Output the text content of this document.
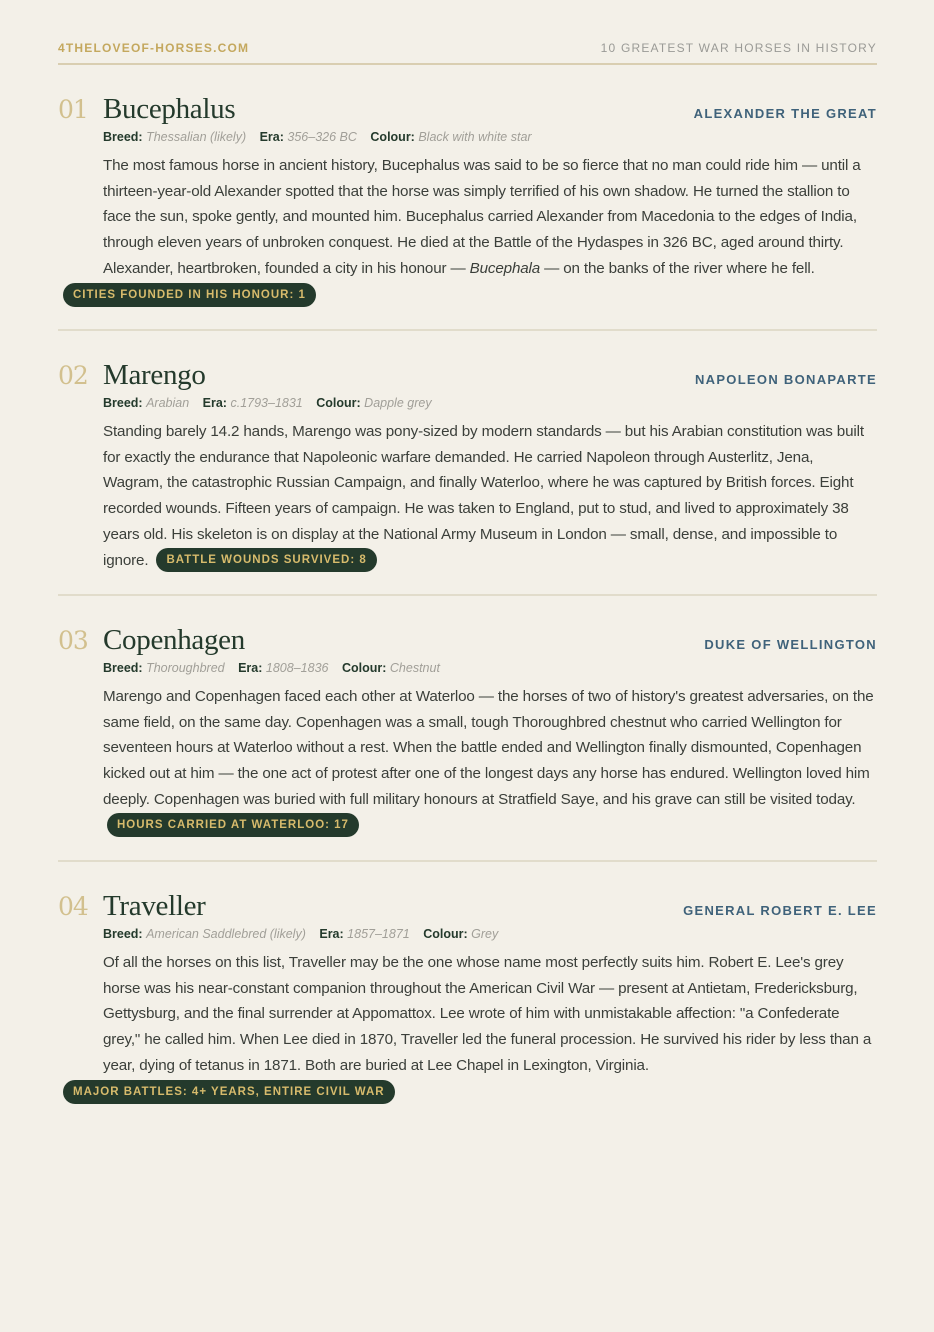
4THELOVEOF-HORSES.COM	10 GREATEST WAR HORSES IN HISTORY
01 Bucephalus	ALEXANDER THE GREAT
Breed: Thessalian (likely) Era: 356–326 BC Colour: Black with white star

The most famous horse in ancient history, Bucephalus was said to be so fierce that no man could ride him — until a thirteen-year-old Alexander spotted that the horse was simply terrified of his own shadow. He turned the stallion to face the sun, spoke gently, and mounted him. Bucephalus carried Alexander from Macedonia to the edges of India, through eleven years of unbroken conquest. He died at the Battle of the Hydaspes in 326 BC, aged around thirty. Alexander, heartbroken, founded a city in his honour — Bucephala — on the banks of the river where he fell.

CITIES FOUNDED IN HIS HONOUR: 1
02 Marengo	NAPOLEON BONAPARTE
Breed: Arabian Era: c.1793–1831 Colour: Dapple grey

Standing barely 14.2 hands, Marengo was pony-sized by modern standards — but his Arabian constitution was built for exactly the endurance that Napoleonic warfare demanded. He carried Napoleon through Austerlitz, Jena, Wagram, the catastrophic Russian Campaign, and finally Waterloo, where he was captured by British forces. Eight recorded wounds. Fifteen years of campaign. He was taken to England, put to stud, and lived to approximately 38 years old. His skeleton is on display at the National Army Museum in London — small, dense, and impossible to ignore. BATTLE WOUNDS SURVIVED: 8

03 Copenhagen	DUKE OF WELLINGTON
Breed: Thoroughbred Era: 1808–1836 Colour: Chestnut

Marengo and Copenhagen faced each other at Waterloo — the horses of two of history's greatest adversaries, on the same field, on the same day. Copenhagen was a small, tough Thoroughbred chestnut who carried Wellington for seventeen hours at Waterloo without a rest. When the battle ended and Wellington finally dismounted, Copenhagen kicked out at him — the one act of protest after one of the longest days any horse has endured. Wellington loved him deeply. Copenhagen was buried with full military honours at Stratfield Saye, and his grave can still be visited today. HOURS CARRIED AT WATERLOO: 17

04 Traveller	GENERAL ROBERT E. LEE
Breed: American Saddlebred (likely) Era: 1857–1871 Colour: Grey

Of all the horses on this list, Traveller may be the one whose name most perfectly suits him. Robert E. Lee's grey horse was his near-constant companion throughout the American Civil War — present at Antietam, Fredericksburg, Gettysburg, and the final surrender at Appomattox. Lee wrote of him with unmistakable affection: "a Confederate grey," he called him. When Lee died in 1870, Traveller led the funeral procession. He survived his rider by less than a year, dying of tetanus in 1871. Both are buried at Lee Chapel in Lexington, Virginia.

MAJOR BATTLES: 4+ YEARS, ENTIRE CIVIL WAR
